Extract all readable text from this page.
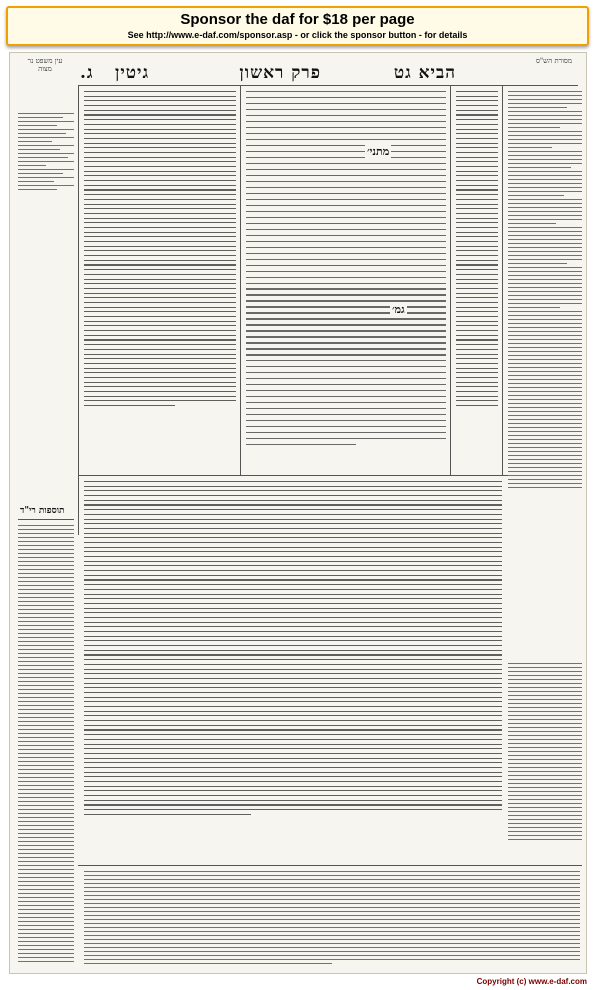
Sponsor the daf for $18 per page
See http://www.e-daf.com/sponsor.asp - or click the sponsor button - for details
מסורת הש"ס
עין משפט נר מצוה	הביא גט
פרק ראשון
גיטין
ג.
מתני׳
גמ׳
תוספות רי"ד
Copyright (c) www.e-daf.com
